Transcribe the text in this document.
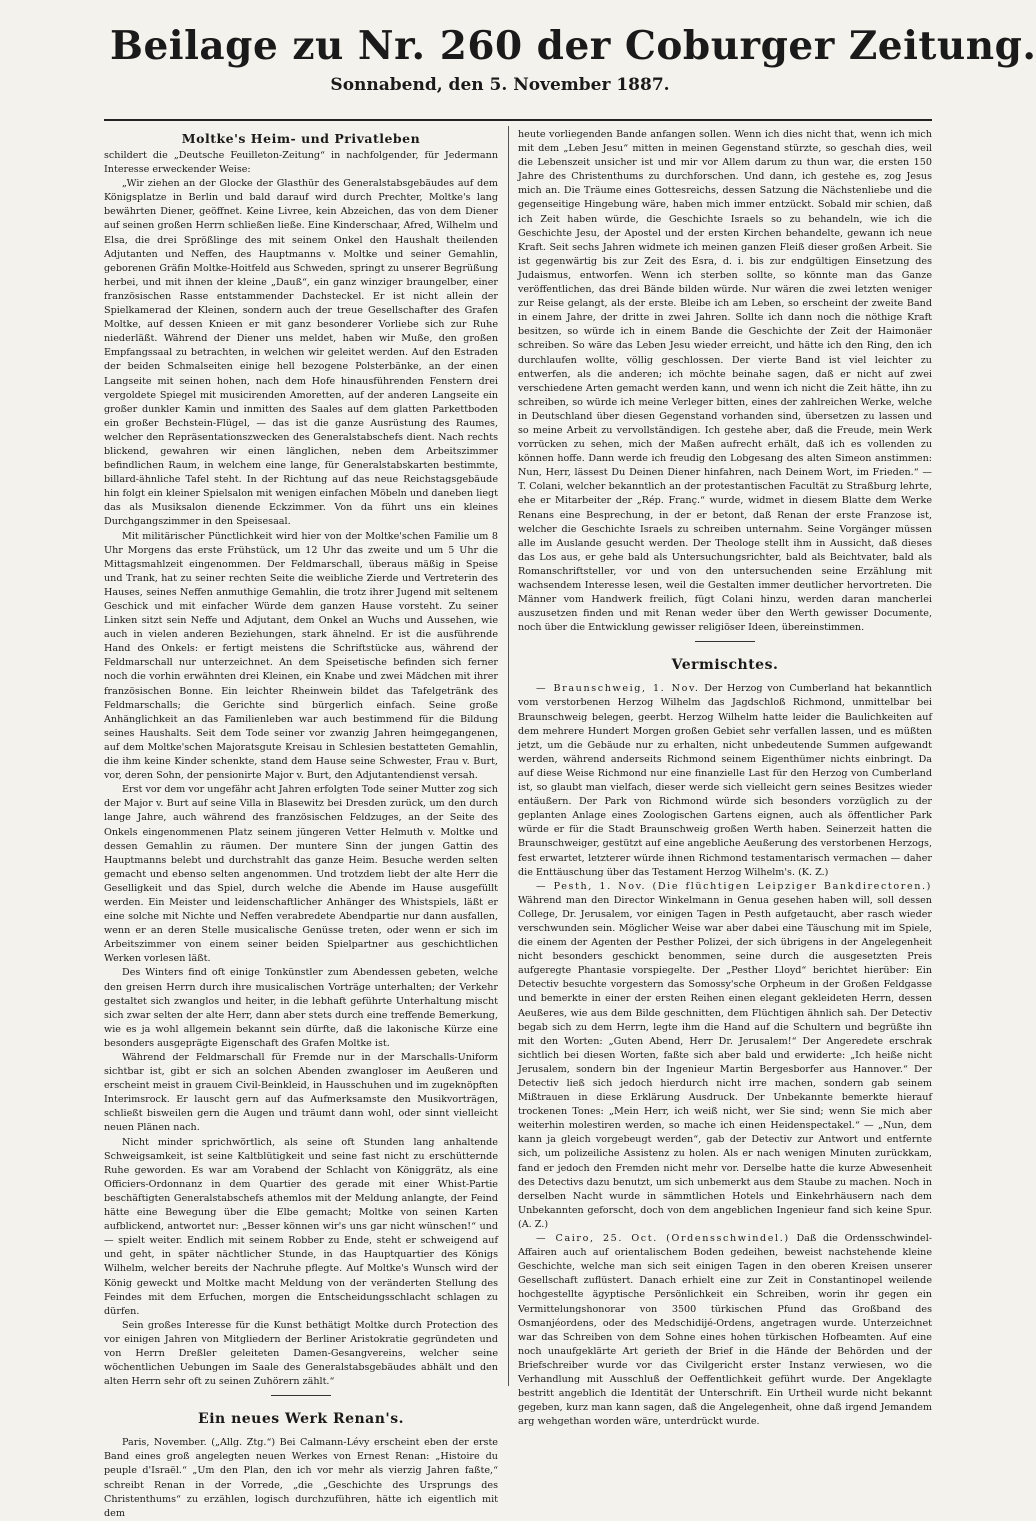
Beilage zu Nr. 260 der Coburger Zeitung.
Sonnabend, den 5. November 1887.
Moltke's Heim- und Privatleben

schildert die „Deutsche Feuilleton-Zeitung“ in nachfolgender, für Jedermann Interesse erweckender Weise:

„Wir ziehen an der Glocke der Glasthür des Generalstabsgebäudes auf dem Königsplatze in Berlin und bald darauf wird durch Prechter, Moltke's lang bewährten Diener, geöffnet. Keine Livree, kein Abzeichen, das von dem Diener auf seinen großen Herrn schließen ließe. Eine Kinderschaar, Afred, Wilhelm und Elsa, die drei Sprößlinge des mit seinem Onkel den Haushalt theilenden Adjutanten und Neffen, des Hauptmanns v. Moltke und seiner Gemahlin, geborenen Gräfin Moltke-Hoitfeld aus Schweden, springt zu unserer Begrüßung herbei, und mit ihnen der kleine „Dauß“, ein ganz winziger braungelber, einer französischen Rasse entstammender Dachsteckel. Er ist nicht allein der Spielkamerad der Kleinen, sondern auch der treue Gesellschafter des Grafen Moltke, auf dessen Knieen er mit ganz besonderer Vorliebe sich zur Ruhe niederläßt. Während der Diener uns meldet, haben wir Muße, den großen Empfangssaal zu betrachten, in welchen wir geleitet werden. Auf den Estraden der beiden Schmalseiten einige hell bezogene Polsterbänke, an der einen Langseite mit seinen hohen, nach dem Hofe hinausführenden Fenstern drei vergoldete Spiegel mit musicirenden Amoretten, auf der anderen Langseite ein großer dunkler Kamin und inmitten des Saales auf dem glatten Parkettboden ein großer Bechstein-Flügel, — das ist die ganze Ausrüstung des Raumes, welcher den Repräsentationszwecken des Generalstabschefs dient. Nach rechts blickend, gewahren wir einen länglichen, neben dem Arbeitszimmer befindlichen Raum, in welchem eine lange, für Generalstabskarten bestimmte, billard-ähnliche Tafel steht. In der Richtung auf das neue Reichstagsgebäude hin folgt ein kleiner Spielsalon mit wenigen einfachen Möbeln und daneben liegt das als Musiksalon dienende Eckzimmer. Von da führt uns ein kleines Durchgangszimmer in den Speisesaal.

Mit militärischer Pünctlichkeit wird hier von der Moltke'schen Familie um 8 Uhr Morgens das erste Frühstück, um 12 Uhr das zweite und um 5 Uhr die Mittagsmahlzeit eingenommen. Der Feldmarschall, überaus mäßig in Speise und Trank, hat zu seiner rechten Seite die weibliche Zierde und Vertreterin des Hauses, seines Neffen anmuthige Gemahlin, die trotz ihrer Jugend mit seltenem Geschick und mit einfacher Würde dem ganzen Hause vorsteht. Zu seiner Linken sitzt sein Neffe und Adjutant, dem Onkel an Wuchs und Aussehen, wie auch in vielen anderen Beziehungen, stark ähnelnd. Er ist die ausführende Hand des Onkels: er fertigt meistens die Schriftstücke aus, während der Feldmarschall nur unterzeichnet. An dem Speisetische befinden sich ferner noch die vorhin erwähnten drei Kleinen, ein Knabe und zwei Mädchen mit ihrer französischen Bonne. Ein leichter Rheinwein bildet das Tafelgetränk des Feldmarschalls; die Gerichte sind bürgerlich einfach. Seine große Anhänglichkeit an das Familienleben war auch bestimmend für die Bildung seines Haushalts. Seit dem Tode seiner vor zwanzig Jahren heimgegangenen, auf dem Moltke'schen Majoratsgute Kreisau in Schlesien bestatteten Gemahlin, die ihm keine Kinder schenkte, stand dem Hause seine Schwester, Frau v. Burt, vor, deren Sohn, der pensionirte Major v. Burt, den Adjutantendienst versah.

Erst vor dem vor ungefähr acht Jahren erfolgten Tode seiner Mutter zog sich der Major v. Burt auf seine Villa in Blasewitz bei Dresden zurück, um den durch lange Jahre, auch während des französischen Feldzuges, an der Seite des Onkels eingenommenen Platz seinem jüngeren Vetter Helmuth v. Moltke und dessen Gemahlin zu räumen. Der muntere Sinn der jungen Gattin des Hauptmanns belebt und durchstrahlt das ganze Heim. Besuche werden selten gemacht und ebenso selten angenommen. Und trotzdem liebt der alte Herr die Geselligkeit und das Spiel, durch welche die Abende im Hause ausgefüllt werden. Ein Meister und leidenschaftlicher Anhänger des Whistspiels, läßt er eine solche mit Nichte und Neffen verabredete Abendpartie nur dann ausfallen, wenn er an deren Stelle musicalische Genüsse treten, oder wenn er sich im Arbeitszimmer von einem seiner beiden Spielpartner aus geschichtlichen Werken vorlesen läßt.

Des Winters find oft einige Tonkünstler zum Abendessen gebeten, welche den greisen Herrn durch ihre musicalischen Vorträge unterhalten; der Verkehr gestaltet sich zwanglos und heiter, in die lebhaft geführte Unterhaltung mischt sich zwar selten der alte Herr, dann aber stets durch eine treffende Bemerkung, wie es ja wohl allgemein bekannt sein dürfte, daß die lakonische Kürze eine besonders ausgeprägte Eigenschaft des Grafen Moltke ist.

Während der Feldmarschall für Fremde nur in der Marschalls-Uniform sichtbar ist, gibt er sich an solchen Abenden zwangloser im Aeußeren und erscheint meist in grauem Civil-Beinkleid, in Hausschuhen und im zugeknöpften Interimsrock. Er lauscht gern auf das Aufmerksamste den Musikvorträgen, schließt bisweilen gern die Augen und träumt dann wohl, oder sinnt vielleicht neuen Plänen nach.

Nicht minder sprichwörtlich, als seine oft Stunden lang anhaltende Schweigsamkeit, ist seine Kaltblütigkeit und seine fast nicht zu erschütternde Ruhe geworden. Es war am Vorabend der Schlacht von Königgrätz, als eine Officiers-Ordonnanz in dem Quartier des gerade mit einer Whist-Partie beschäftigten Generalstabschefs athemlos mit der Meldung anlangte, der Feind hätte eine Bewegung über die Elbe gemacht; Moltke von seinen Karten aufblickend, antwortet nur: „Besser können wir's uns gar nicht wünschen!“ und — spielt weiter. Endlich mit seinem Robber zu Ende, steht er schweigend auf und geht, in später nächtlicher Stunde, in das Hauptquartier des Königs Wilhelm, welcher bereits der Nachruhe pflegte. Auf Moltke's Wunsch wird der König geweckt und Moltke macht Meldung von der veränderten Stellung des Feindes mit dem Erfuchen, morgen die Entscheidungsschlacht schlagen zu dürfen.

Sein großes Interesse für die Kunst bethätigt Moltke durch Protection des vor einigen Jahren von Mitgliedern der Berliner Aristokratie gegründeten und von Herrn Dreßler geleiteten Damen-Gesangvereins, welcher seine wöchentlichen Uebungen im Saale des Generalstabsgebäudes abhält und den alten Herrn sehr oft zu seinen Zuhörern zählt.“

Ein neues Werk Renan's.

Paris, November. („Allg. Ztg.“) Bei Calmann-Lévy erscheint eben der erste Band eines groß angelegten neuen Werkes von Ernest Renan: „Histoire du peuple d'Israël.“ „Um den Plan, den ich vor mehr als vierzig Jahren faßte,“ schreibt Renan in der Vorrede, „die „Geschichte des Ursprungs des Christenthums“ zu erzählen, logisch durchzuführen, hätte ich eigentlich mit dem

heute vorliegenden Bande anfangen sollen. Wenn ich dies nicht that, wenn ich mich mit dem „Leben Jesu“ mitten in meinen Gegenstand stürzte, so geschah dies, weil die Lebenszeit unsicher ist und mir vor Allem darum zu thun war, die ersten 150 Jahre des Christenthums zu durchforschen. Und dann, ich gestehe es, zog Jesus mich an. Die Träume eines Gottesreichs, dessen Satzung die Nächstenliebe und die gegenseitige Hingebung wäre, haben mich immer entzückt. Sobald mir schien, daß ich Zeit haben würde, die Geschichte Israels so zu behandeln, wie ich die Geschichte Jesu, der Apostel und der ersten Kirchen behandelte, gewann ich neue Kraft. Seit sechs Jahren widmete ich meinen ganzen Fleiß dieser großen Arbeit. Sie ist gegenwärtig bis zur Zeit des Esra, d. i. bis zur endgültigen Einsetzung des Judaismus, entworfen. Wenn ich sterben sollte, so könnte man das Ganze veröffentlichen, das drei Bände bilden würde. Nur wären die zwei letzten weniger zur Reise gelangt, als der erste. Bleibe ich am Leben, so erscheint der zweite Band in einem Jahre, der dritte in zwei Jahren. Sollte ich dann noch die nöthige Kraft besitzen, so würde ich in einem Bande die Geschichte der Zeit der Haimonäer schreiben. So wäre das Leben Jesu wieder erreicht, und hätte ich den Ring, den ich durchlaufen wollte, völlig geschlossen. Der vierte Band ist viel leichter zu entwerfen, als die anderen; ich möchte beinahe sagen, daß er nicht auf zwei verschiedene Arten gemacht werden kann, und wenn ich nicht die Zeit hätte, ihn zu schreiben, so würde ich meine Verleger bitten, eines der zahlreichen Werke, welche in Deutschland über diesen Gegenstand vorhanden sind, übersetzen zu lassen und so meine Arbeit zu vervollständigen. Ich gestehe aber, daß die Freude, mein Werk vorrücken zu sehen, mich der Maßen aufrecht erhält, daß ich es vollenden zu können hoffe. Dann werde ich freudig den Lobgesang des alten Simeon anstimmen: Nun, Herr, lässest Du Deinen Diener hinfahren, nach Deinem Wort, im Frieden.“ — T. Colani, welcher bekanntlich an der protestantischen Facultät zu Straßburg lehrte, ehe er Mitarbeiter der „Rép. Franç.“ wurde, widmet in diesem Blatte dem Werke Renans eine Besprechung, in der er betont, daß Renan der erste Franzose ist, welcher die Geschichte Israels zu schreiben unternahm. Seine Vorgänger müssen alle im Auslande gesucht werden. Der Theologe stellt ihm in Aussicht, daß dieses das Los aus, er gehe bald als Untersuchungsrichter, bald als Beichtvater, bald als Romanschriftsteller, vor und von den untersuchenden seine Erzählung mit wachsendem Interesse lesen, weil die Gestalten immer deutlicher hervortreten. Die Männer vom Handwerk freilich, fügt Colani hinzu, werden daran mancherlei auszusetzen finden und mit Renan weder über den Werth gewisser Documente, noch über die Entwicklung gewisser religiöser Ideen, übereinstimmen.

Vermischtes.

— Braunschweig, 1. Nov. Der Herzog von Cumberland hat bekanntlich vom verstorbenen Herzog Wilhelm das Jagdschloß Richmond, unmittelbar bei Braunschweig belegen, geerbt. Herzog Wilhelm hatte leider die Baulichkeiten auf dem mehrere Hundert Morgen großen Gebiet sehr verfallen lassen, und es müßten jetzt, um die Gebäude nur zu erhalten, nicht unbedeutende Summen aufgewandt werden, während anderseits Richmond seinem Eigenthümer nichts einbringt. Da auf diese Weise Richmond nur eine finanzielle Last für den Herzog von Cumberland ist, so glaubt man vielfach, dieser werde sich vielleicht gern seines Besitzes wieder entäußern. Der Park von Richmond würde sich besonders vorzüglich zu der geplanten Anlage eines Zoologischen Gartens eignen, auch als öffentlicher Park würde er für die Stadt Braunschweig großen Werth haben. Seinerzeit hatten die Braunschweiger, gestützt auf eine angebliche Aeußerung des verstorbenen Herzogs, fest erwartet, letzterer würde ihnen Richmond testamentarisch vermachen — daher die Enttäuschung über das Testament Herzog Wilhelm's. (K. Z.)

— Pesth, 1. Nov. (Die flüchtigen Leipziger Bankdirectoren.) Während man den Director Winkelmann in Genua gesehen haben will, soll dessen College, Dr. Jerusalem, vor einigen Tagen in Pesth aufgetaucht, aber rasch wieder verschwunden sein. Möglicher Weise war aber dabei eine Täuschung mit im Spiele, die einem der Agenten der Pesther Polizei, der sich übrigens in der Angelegenheit nicht besonders geschickt benommen, seine durch die ausgesetzten Preis aufgeregte Phantasie vorspiegelte. Der „Pesther Lloyd“ berichtet hierüber: Ein Detectiv besuchte vorgestern das Somossy'sche Orpheum in der Großen Feldgasse und bemerkte in einer der ersten Reihen einen elegant gekleideten Herrn, dessen Aeußeres, wie aus dem Bilde geschnitten, dem Flüchtigen ähnlich sah. Der Detectiv begab sich zu dem Herrn, legte ihm die Hand auf die Schultern und begrüßte ihn mit den Worten: „Guten Abend, Herr Dr. Jerusalem!“ Der Angeredete erschrak sichtlich bei diesen Worten, faßte sich aber bald und erwiderte: „Ich heiße nicht Jerusalem, sondern bin der Ingenieur Martin Bergesborfer aus Hannover.“ Der Detectiv ließ sich jedoch hierdurch nicht irre machen, sondern gab seinem Mißtrauen in diese Erklärung Ausdruck. Der Unbekannte bemerkte hierauf trockenen Tones: „Mein Herr, ich weiß nicht, wer Sie sind; wenn Sie mich aber weiterhin molestiren werden, so mache ich einen Heidenspectakel.“ — „Nun, dem kann ja gleich vorgebeugt werden“, gab der Detectiv zur Antwort und entfernte sich, um polizeiliche Assistenz zu holen. Als er nach wenigen Minuten zurückkam, fand er jedoch den Fremden nicht mehr vor. Derselbe hatte die kurze Abwesenheit des Detectivs dazu benutzt, um sich unbemerkt aus dem Staube zu machen. Noch in derselben Nacht wurde in sämmtlichen Hotels und Einkehrhäusern nach dem Unbekannten geforscht, doch von dem angeblichen Ingenieur fand sich keine Spur. (A. Z.)

— Cairo, 25. Oct. (Ordensschwindel.) Daß die Ordensschwindel-Affairen auch auf orientalischem Boden gedeihen, beweist nachstehende kleine Geschichte, welche man sich seit einigen Tagen in den oberen Kreisen unserer Gesellschaft zuflüstert. Danach erhielt eine zur Zeit in Constantinopel weilende hochgestellte ägyptische Persönlichkeit ein Schreiben, worin ihr gegen ein Vermittelungshonorar von 3500 türkischen Pfund das Großband des Osmanjéordens, oder des Medschidijé-Ordens, angetragen wurde. Unterzeichnet war das Schreiben von dem Sohne eines hohen türkischen Hofbeamten. Auf eine noch unaufgeklärte Art gerieth der Brief in die Hände der Behörden und der Briefschreiber wurde vor das Civilgericht erster Instanz verwiesen, wo die Verhandlung mit Ausschluß der Oeffentlichkeit geführt wurde. Der Angeklagte bestritt angeblich die Identität der Unterschrift. Ein Urtheil wurde nicht bekannt gegeben, kurz man kann sagen, daß die Angelegenheit, ohne daß irgend Jemandem arg wehgethan worden wäre, unterdrückt wurde.
